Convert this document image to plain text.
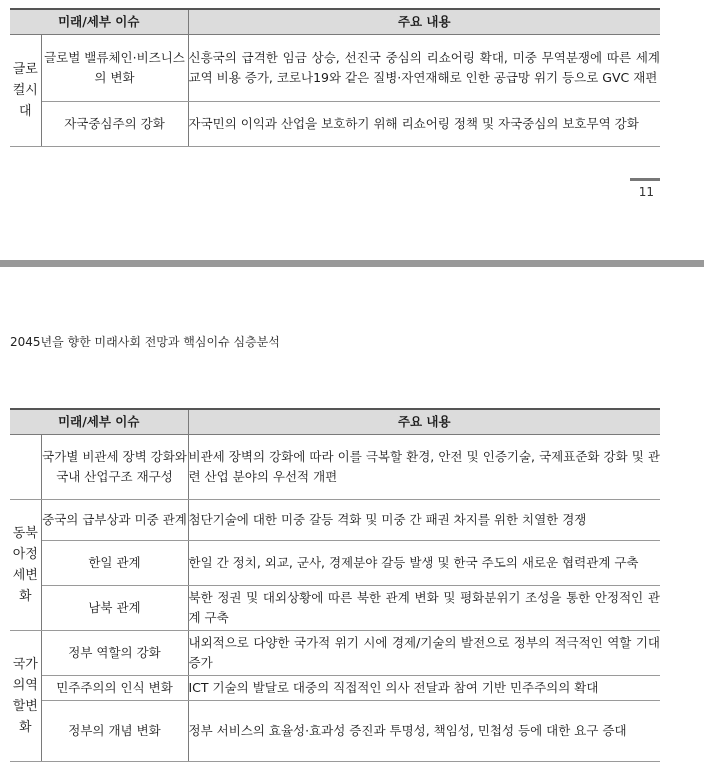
미래/세부 이슈		주요 내용
글로컬시대	글로벌 밸류체인·비즈니스의 변화	신흥국의 급격한 임금 상승, 선진국 중심의 리쇼어링 확대, 미중 무역분쟁에 따른 세계교역 비용 증가, 코로나19와 같은 질병·자연재해로 인한 공급망 위기 등으로 GVC 재편
	자국중심주의 강화	자국민의 이익과 산업을 보호하기 위해 리쇼어링 정책 및 자국중심의 보호무역 강화
11
2045년을 향한 미래사회 전망과 핵심이슈 심층분석
미래/세부 이슈		주요 내용
	국가별 비관세 장벽 강화와 국내 산업구조 재구성	비관세 장벽의 강화에 따라 이를 극복할 환경, 안전 및 인증기술, 국제표준화 강화 및 관련 산업 분야의 우선적 개편
동북아정세변화	중국의 급부상과 미중 관계	첨단기술에 대한 미중 갈등 격화 및 미중 간 패권 차지를 위한 치열한 경쟁
	한일 관계	한일 간 정치, 외교, 군사, 경제분야 갈등 발생 및 한국 주도의 새로운 협력관계 구축
	남북 관계	북한 정권 및 대외상황에 따른 북한 관계 변화 및 평화분위기 조성을 통한 안정적인 관계 구축
국가의역할변화	정부 역할의 강화	내외적으로 다양한 국가적 위기 시에 경제/기술의 발전으로 정부의 적극적인 역할 기대 증가
	민주주의의 인식 변화	ICT 기술의 발달로 대중의 직접적인 의사 전달과 참여 기반 민주주의의 확대
	정부의 개념 변화	정부 서비스의 효율성·효과성 증진과 투명성, 책임성, 민첩성 등에 대한 요구 증대
